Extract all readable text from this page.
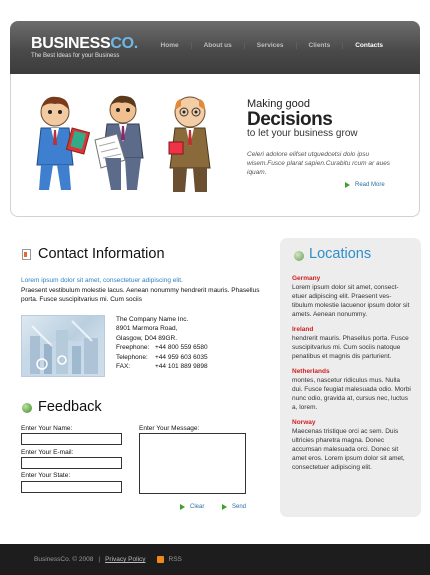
BUSINESSCO.
The Best Ideas for your Business
Home	About us	Services	Clients	Contacts
Making good
Decisions
to let your business grow
Celeri adolore elifset utquedcetsi dolo ipsu wisem.Fusce plarat sapien.Curabitu rcum ar aues iquam.
Read More
Contact Information
Lorem ipsum dolor sit amet, consectetuer adipiscing elit.
Praesent vestibulum molestie lacus. Aenean nonummy hendrerit mauris. Phasellus porta. Fusce suscipitvarius mi. Cum sociis
The Company Name Inc.
8901 Marmora Road,
Glasgow, D04 89GR.
Freephone: +44 800 559 6580
Telephone:	+44 959 603 6035
FAX:	+44 101 889 9898
Feedback
Enter Your Name:
Enter Your E-mail:
Enter Your State:
Enter Your Message:
Clear	Send
Locations
Germany
Lorem ipsum dolor sit amet, consect- etuer adipiscing elit. Praesent ves- tibulum molestie lacuenor ipsum dolor sit amets. Aenean nonummy.
Ireland
hendrerit mauris. Phasellus porta. Fusce suscipitvarius mi. Cum sociis natoque penatibus et magnis dis parturient.
Netherlands
montes, nascetur ridiculus mus. Nulla dui. Fusce feugiat malesuada odio. Morbi nunc odio, gravida at, cursus nec, luctus a, lorem.
Norway
Maecenas tristique orci ac sem. Duis ultricies pharetra magna. Donec accumsan malesuada orci. Donec sit amet eros. Lorem ipsum dolor sit amet, consectetuer adipiscing elit.
BusinessCo. © 2008 | Privacy Policy	RSS
